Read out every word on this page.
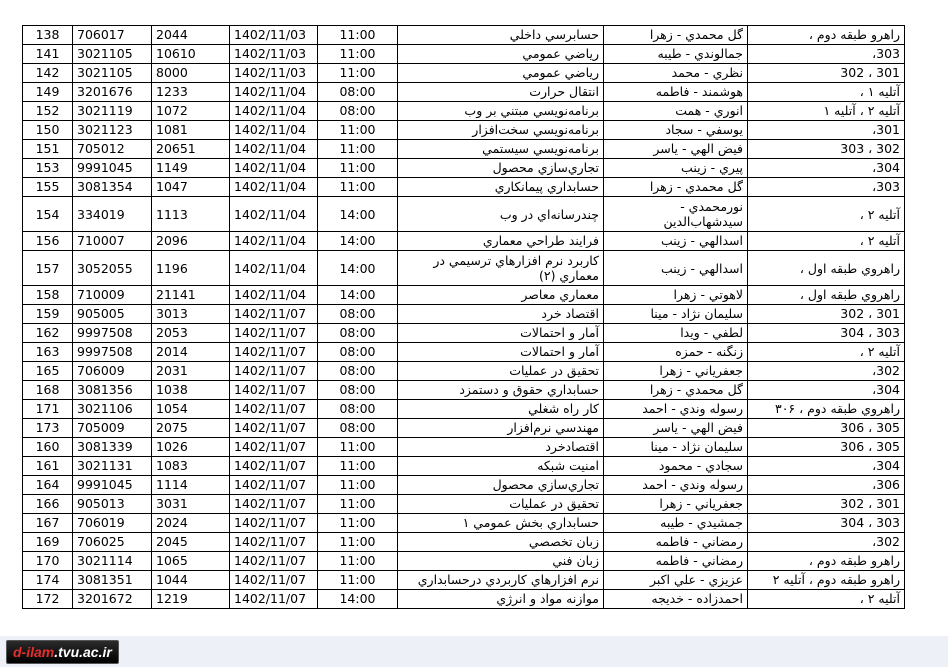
138	706017	2044	1402/11/03	11:00	حسابرسي داخلي	گل محمدي - زهرا	راهرو طبقه دوم ،
141	3021105	10610	1402/11/03	11:00	رياضي عمومي	جمالوندي - طيبه	303،
142	3021105	8000	1402/11/03	11:00	رياضي عمومي	نظري - محمد	301 ، 302
149	3201676	1233	1402/11/04	08:00	انتقال حرارت	هوشمند - فاطمه	آتليه ۱ ،
152	3021119	1072	1402/11/04	08:00	برنامه‌نويسي مبتني بر وب	انوري - همت	آتليه ۲ ، آتليه ۱
150	3021123	1081	1402/11/04	11:00	برنامه‌نويسي سخت‌افزار	يوسفي - سجاد	301،
151	705012	20651	1402/11/04	11:00	برنامه‌نويسي سيستمي	فيض الهي - ياسر	302 ، 303
153	9991045	1149	1402/11/04	11:00	تجاري‌سازي محصول	پيري - زينب	304،
155	3081354	1047	1402/11/04	11:00	حسابداري پيمانكاري	گل محمدي - زهرا	303،
154	334019	1113	1402/11/04	14:00	چندرسانه‌اي در وب	نورمحمدي - سيدشهاب‌الدين	آتليه ۲ ،
156	710007	2096	1402/11/04	14:00	فرايند طراحي معماري	اسدالهي - زينب	آتليه ۲ ،
157	3052055	1196	1402/11/04	14:00	كاربرد نرم افزارهاي ترسيمي در معماري (۲)	اسدالهي - زينب	راهروي طبقه اول ،
158	710009	21141	1402/11/04	14:00	معماري معاصر	لاهوتي - زهرا	راهروي طبقه اول ،
159	905005	3013	1402/11/07	08:00	اقتصاد خرد	سليمان نژاد - مينا	301 ، 302
162	9997508	2053	1402/11/07	08:00	آمار و احتمالات	لطفي - ويدا	303 ، 304
163	9997508	2014	1402/11/07	08:00	آمار و احتمالات	زنگنه - حمزه	آتليه ۲ ،
165	706009	2031	1402/11/07	08:00	تحقيق در عمليات	جعفرياني - زهرا	302،
168	3081356	1038	1402/11/07	08:00	حسابداري حقوق و دستمزد	گل محمدي - زهرا	304،
171	3021106	1054	1402/11/07	08:00	كار راه شغلي	رسوله وندي - احمد	راهروي طبقه دوم ، ۳۰۶
173	705009	2075	1402/11/07	08:00	مهندسي نرم‌افزار	فيض الهي - ياسر	305 ، 306
160	3081339	1026	1402/11/07	11:00	اقتصادخرد	سليمان نژاد - مينا	305 ، 306
161	3021131	1083	1402/11/07	11:00	امنيت شبكه	سجادي - محمود	304،
164	9991045	1114	1402/11/07	11:00	تجاري‌سازي محصول	رسوله وندي - احمد	306،
166	905013	3031	1402/11/07	11:00	تحقيق در عمليات	جعفرياني - زهرا	301 ، 302
167	706019	2024	1402/11/07	11:00	حسابداري بخش عمومي ۱	جمشيدي - طيبه	303 ، 304
169	706025	2045	1402/11/07	11:00	زبان تخصصي	رمضاني - فاطمه	302،
170	3021114	1065	1402/11/07	11:00	زبان فني	رمضاني - فاطمه	راهرو طبقه دوم ،
174	3081351	1044	1402/11/07	11:00	نرم افزارهاي كاربردي درحسابداري	عزيزي - علي اكبر	راهرو طبقه دوم ، آتليه ۲
172	3201672	1219	1402/11/07	14:00	موازنه مواد و انرژي	احمدزاده - خديجه	آتليه ۲ ،
d-ilam.tvu.ac.ir
